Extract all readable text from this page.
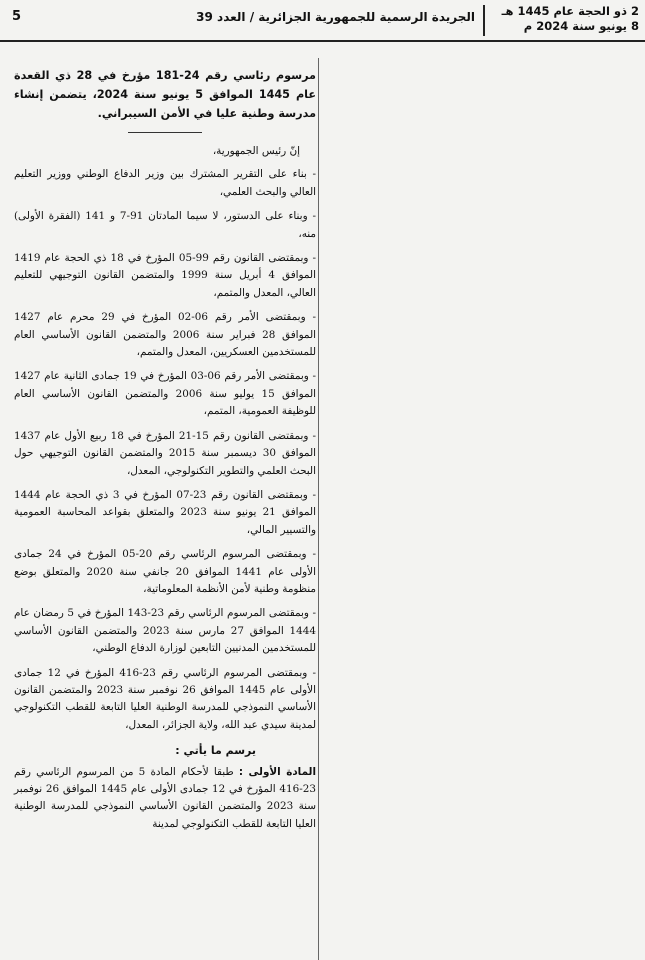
2 ذو الحجة عام 1445 هـ
8 يونيو سنة 2024 م
الجريدة الرسمية للجمهورية الجزائرية / العدد 39
5

مرسوم رئاسي رقم 24-181 مؤرخ في 28 ذي القعدة عام 1445 الموافق 5 يونيو سنة 2024، يتضمن إنشاء مدرسة وطنية عليا في الأمن السيبراني.

إنّ رئيس الجمهورية،

- بناء على التقرير المشترك بين وزير الدفاع الوطني ووزير التعليم العالي والبحث العلمي،

- وبناء على الدستور، لا سيما المادتان 91-7 و 141 (الفقرة الأولى) منه،

- وبمقتضى القانون رقم 99-05 المؤرخ في 18 ذي الحجة عام 1419 الموافق 4 أبريل سنة 1999 والمتضمن القانون التوجيهي للتعليم العالي، المعدل والمتمم،

- وبمقتضى الأمر رقم 06-02 المؤرخ في 29 محرم عام 1427 الموافق 28 فبراير سنة 2006 والمتضمن القانون الأساسي العام للمستخدمين العسكريين، المعدل والمتمم،

- وبمقتضى الأمر رقم 06-03 المؤرخ في 19 جمادى الثانية عام 1427 الموافق 15 يوليو سنة 2006 والمتضمن القانون الأساسي العام للوظيفة العمومية، المتمم،

- وبمقتضى القانون رقم 15-21 المؤرخ في 18 ربيع الأول عام 1437 الموافق 30 ديسمبر سنة 2015 والمتضمن القانون التوجيهي حول البحث العلمي والتطوير التكنولوجي، المعدل،

- وبمقتضى القانون رقم 23-07 المؤرخ في 3 ذي الحجة عام 1444 الموافق 21 يونيو سنة 2023 والمتعلق بقواعد المحاسبة العمومية والتسيير المالي،

- وبمقتضى المرسوم الرئاسي رقم 20-05 المؤرخ في 24 جمادى الأولى عام 1441 الموافق 20 جانفي سنة 2020 والمتعلق بوضع منظومة وطنية لأمن الأنظمة المعلوماتية،

- وبمقتضى المرسوم الرئاسي رقم 23-143 المؤرخ في 5 رمضان عام 1444 الموافق 27 مارس سنة 2023 والمتضمن القانون الأساسي للمستخدمين المدنيين التابعين لوزارة الدفاع الوطني،

- وبمقتضى المرسوم الرئاسي رقم 23-416 المؤرخ في 12 جمادى الأولى عام 1445 الموافق 26 نوفمبر سنة 2023 والمتضمن القانون الأساسي النموذجي للمدرسة الوطنية العليا التابعة للقطب التكنولوجي لمدينة سيدي عبد الله، ولاية الجزائر، المعدل،

يرسم ما يأتي :

المادة الأولى : طبقا لأحكام المادة 5 من المرسوم الرئاسي رقم 23-416 المؤرخ في 12 جمادى الأولى عام 1445 الموافق 26 نوفمبر سنة 2023 والمتضمن القانون الأساسي النموذجي للمدرسة الوطنية العليا التابعة للقطب التكنولوجي لمدينة
